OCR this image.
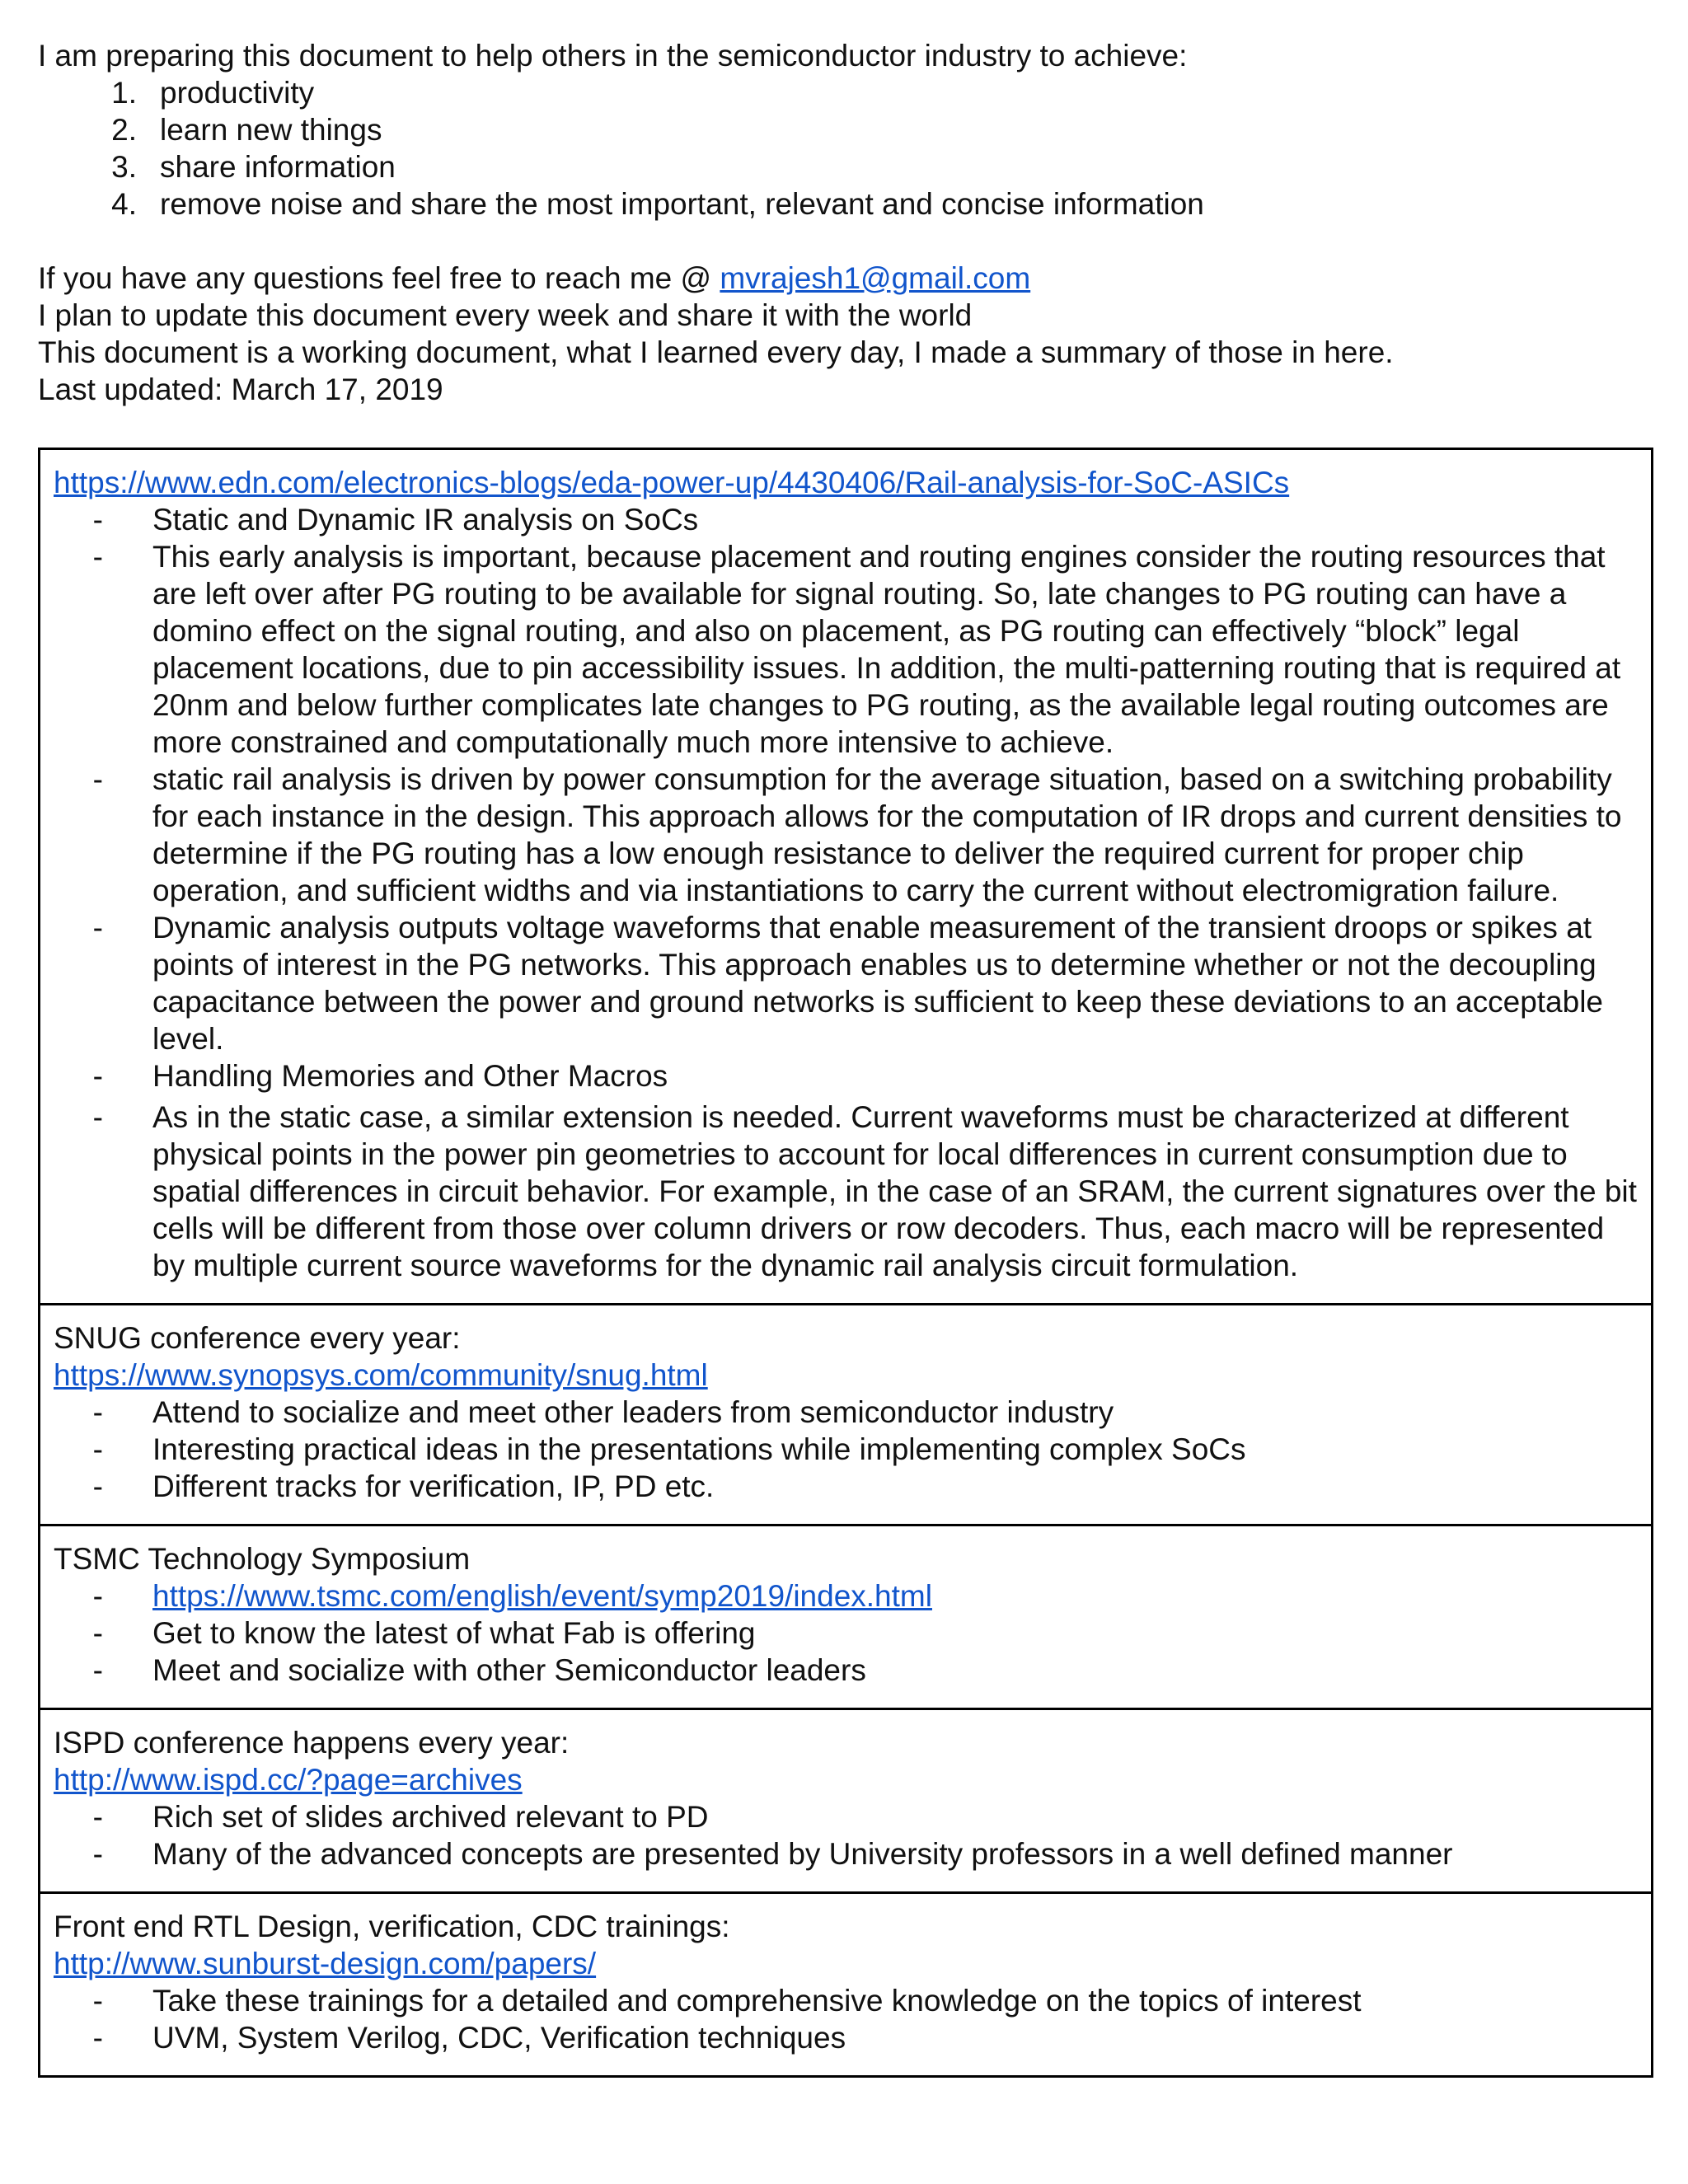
I am preparing this document to help others in the semiconductor industry to achieve:

1. productivity
2. learn new things
3. share information
4. remove noise and share the most important, relevant and concise information

If you have any questions feel free to reach me @ mvrajesh1@gmail.com

I plan to update this document every week and share it with the world

This document is a working document, what I learned every day, I made a summary of those in here.

Last updated: March 17, 2019

https://www.edn.com/electronics-blogs/eda-power-up/4430406/Rail-analysis-for-SoC-ASICs
-	Static and Dynamic IR analysis on SoCs
-	This early analysis is important, because placement and routing engines consider the routing resources that are left over after PG routing to be available for signal routing. So, late changes to PG routing can have a domino effect on the signal routing, and also on placement, as PG routing can effectively “block” legal placement locations, due to pin accessibility issues. In addition, the multi-patterning routing that is required at 20nm and below further complicates late changes to PG routing, as the available legal routing outcomes are more constrained and computationally much more intensive to achieve.
-	static rail analysis is driven by power consumption for the average situation, based on a switching probability for each instance in the design. This approach allows for the computation of IR drops and current densities to determine if the PG routing has a low enough resistance to deliver the required current for proper chip operation, and sufficient widths and via instantiations to carry the current without electromigration failure.
-	Dynamic analysis outputs voltage waveforms that enable measurement of the transient droops or spikes at points of interest in the PG networks. This approach enables us to determine whether or not the decoupling capacitance between the power and ground networks is sufficient to keep these deviations to an acceptable level.
-	Handling Memories and Other Macros
-	As in the static case, a similar extension is needed. Current waveforms must be characterized at different physical points in the power pin geometries to account for local differences in current consumption due to spatial differences in circuit behavior. For example, in the case of an SRAM, the current signatures over the bit cells will be different from those over column drivers or row decoders. Thus, each macro will be represented by multiple current source waveforms for the dynamic rail analysis circuit formulation.

SNUG conference every year:
https://www.synopsys.com/community/snug.html
-	Attend to socialize and meet other leaders from semiconductor industry
-	Interesting practical ideas in the presentations while implementing complex SoCs
-	Different tracks for verification, IP, PD etc.

TSMC Technology Symposium
-	https://www.tsmc.com/english/event/symp2019/index.html
-	Get to know the latest of what Fab is offering
-	Meet and socialize with other Semiconductor leaders

ISPD conference happens every year:
http://www.ispd.cc/?page=archives
-	Rich set of slides archived relevant to PD
-	Many of the advanced concepts are presented by University professors in a well defined manner

Front end RTL Design, verification, CDC trainings:
http://www.sunburst-design.com/papers/
-	Take these trainings for a detailed and comprehensive knowledge on the topics of interest
-	UVM, System Verilog, CDC, Verification techniques
